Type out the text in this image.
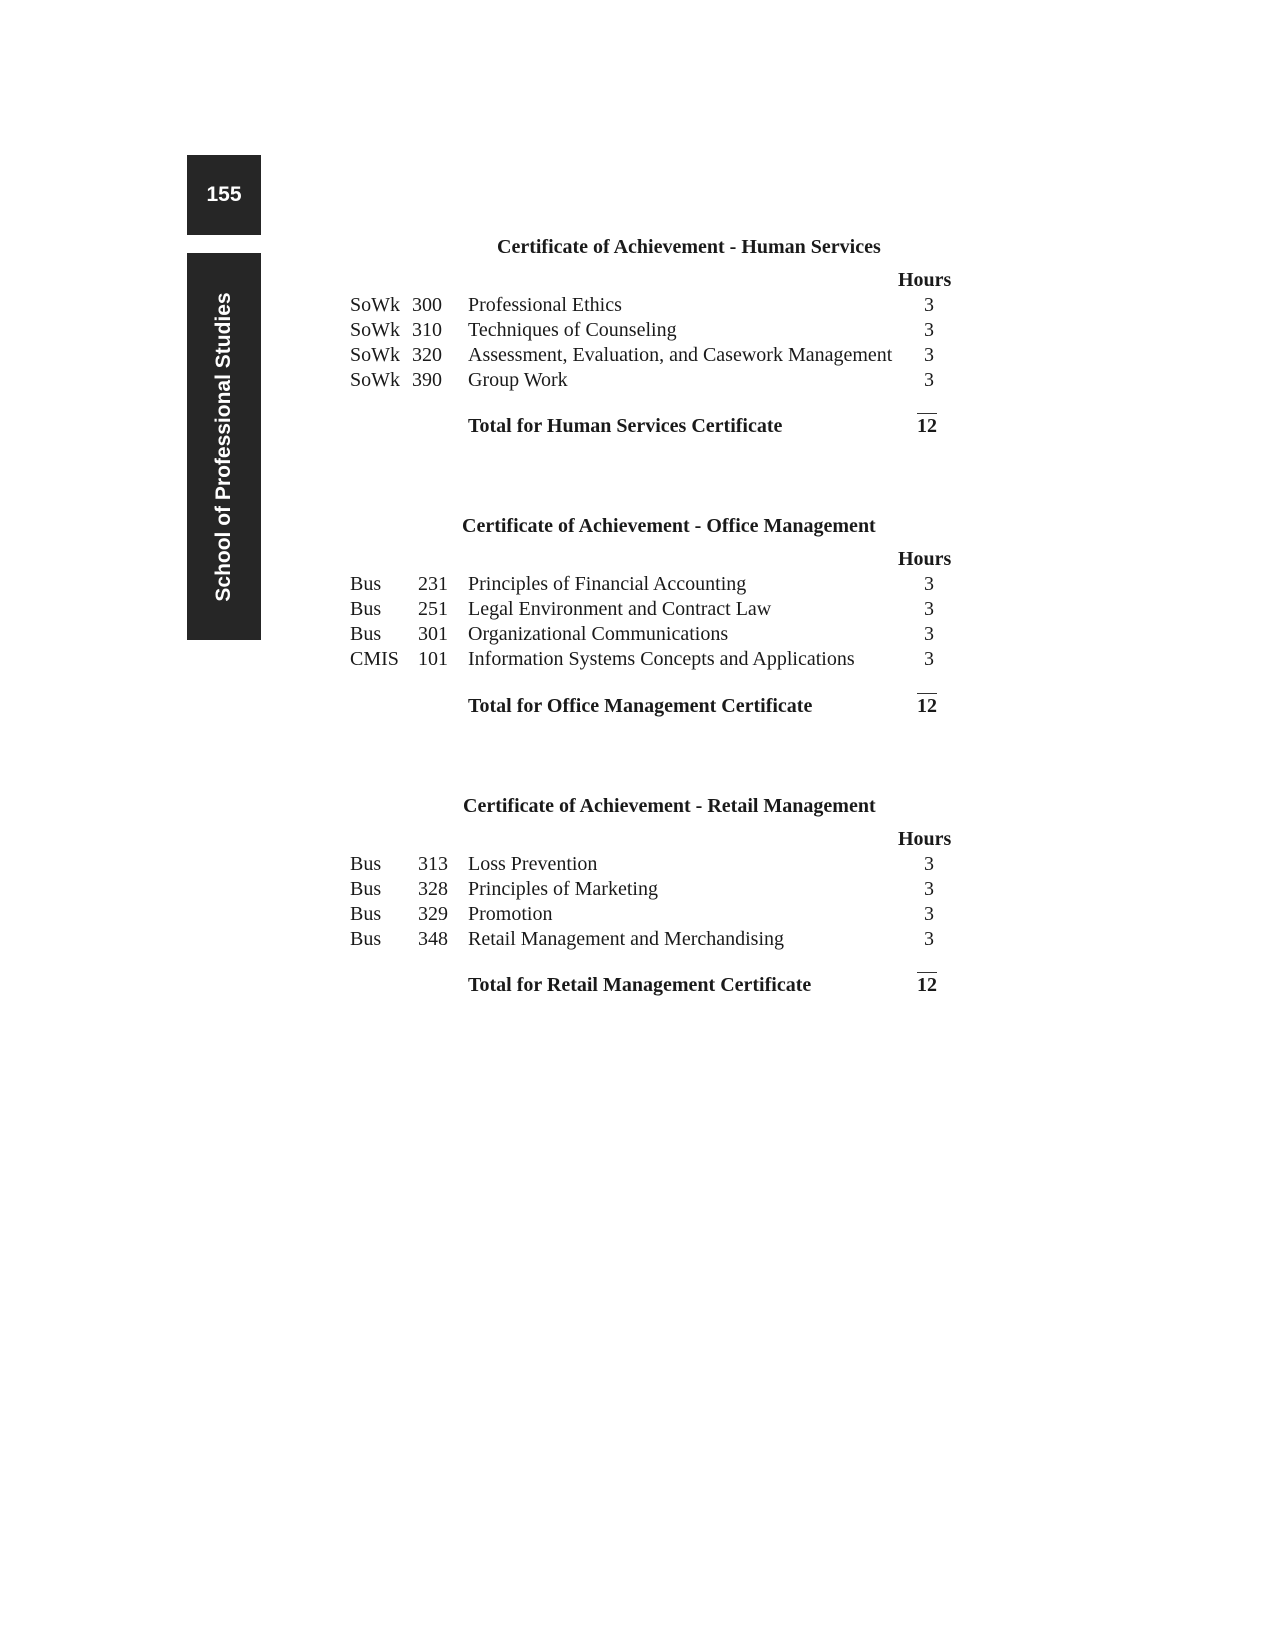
155
School of Professional Studies
Certificate of Achievement - Human Services
Hours
SoWk 300 Professional Ethics	3
SoWk 310 Techniques of Counseling	3
SoWk 320 Assessment, Evaluation, and Casework Management 3
SoWk 390 Group Work	3
Total for Human Services Certificate	12
Certificate of Achievement - Office Management
Hours
Bus 231 Principles of Financial Accounting	3
Bus 251 Legal Environment and Contract Law	3
Bus 301 Organizational Communications	3
CMIS 101 Information Systems Concepts and Applications	3
Total for Office Management Certificate	12
Certificate of Achievement - Retail Management
Hours
Bus 313 Loss Prevention	3
Bus 328 Principles of Marketing	3
Bus 329 Promotion	3
Bus 348 Retail Management and Merchandising	3
Total for Retail Management Certificate	12
